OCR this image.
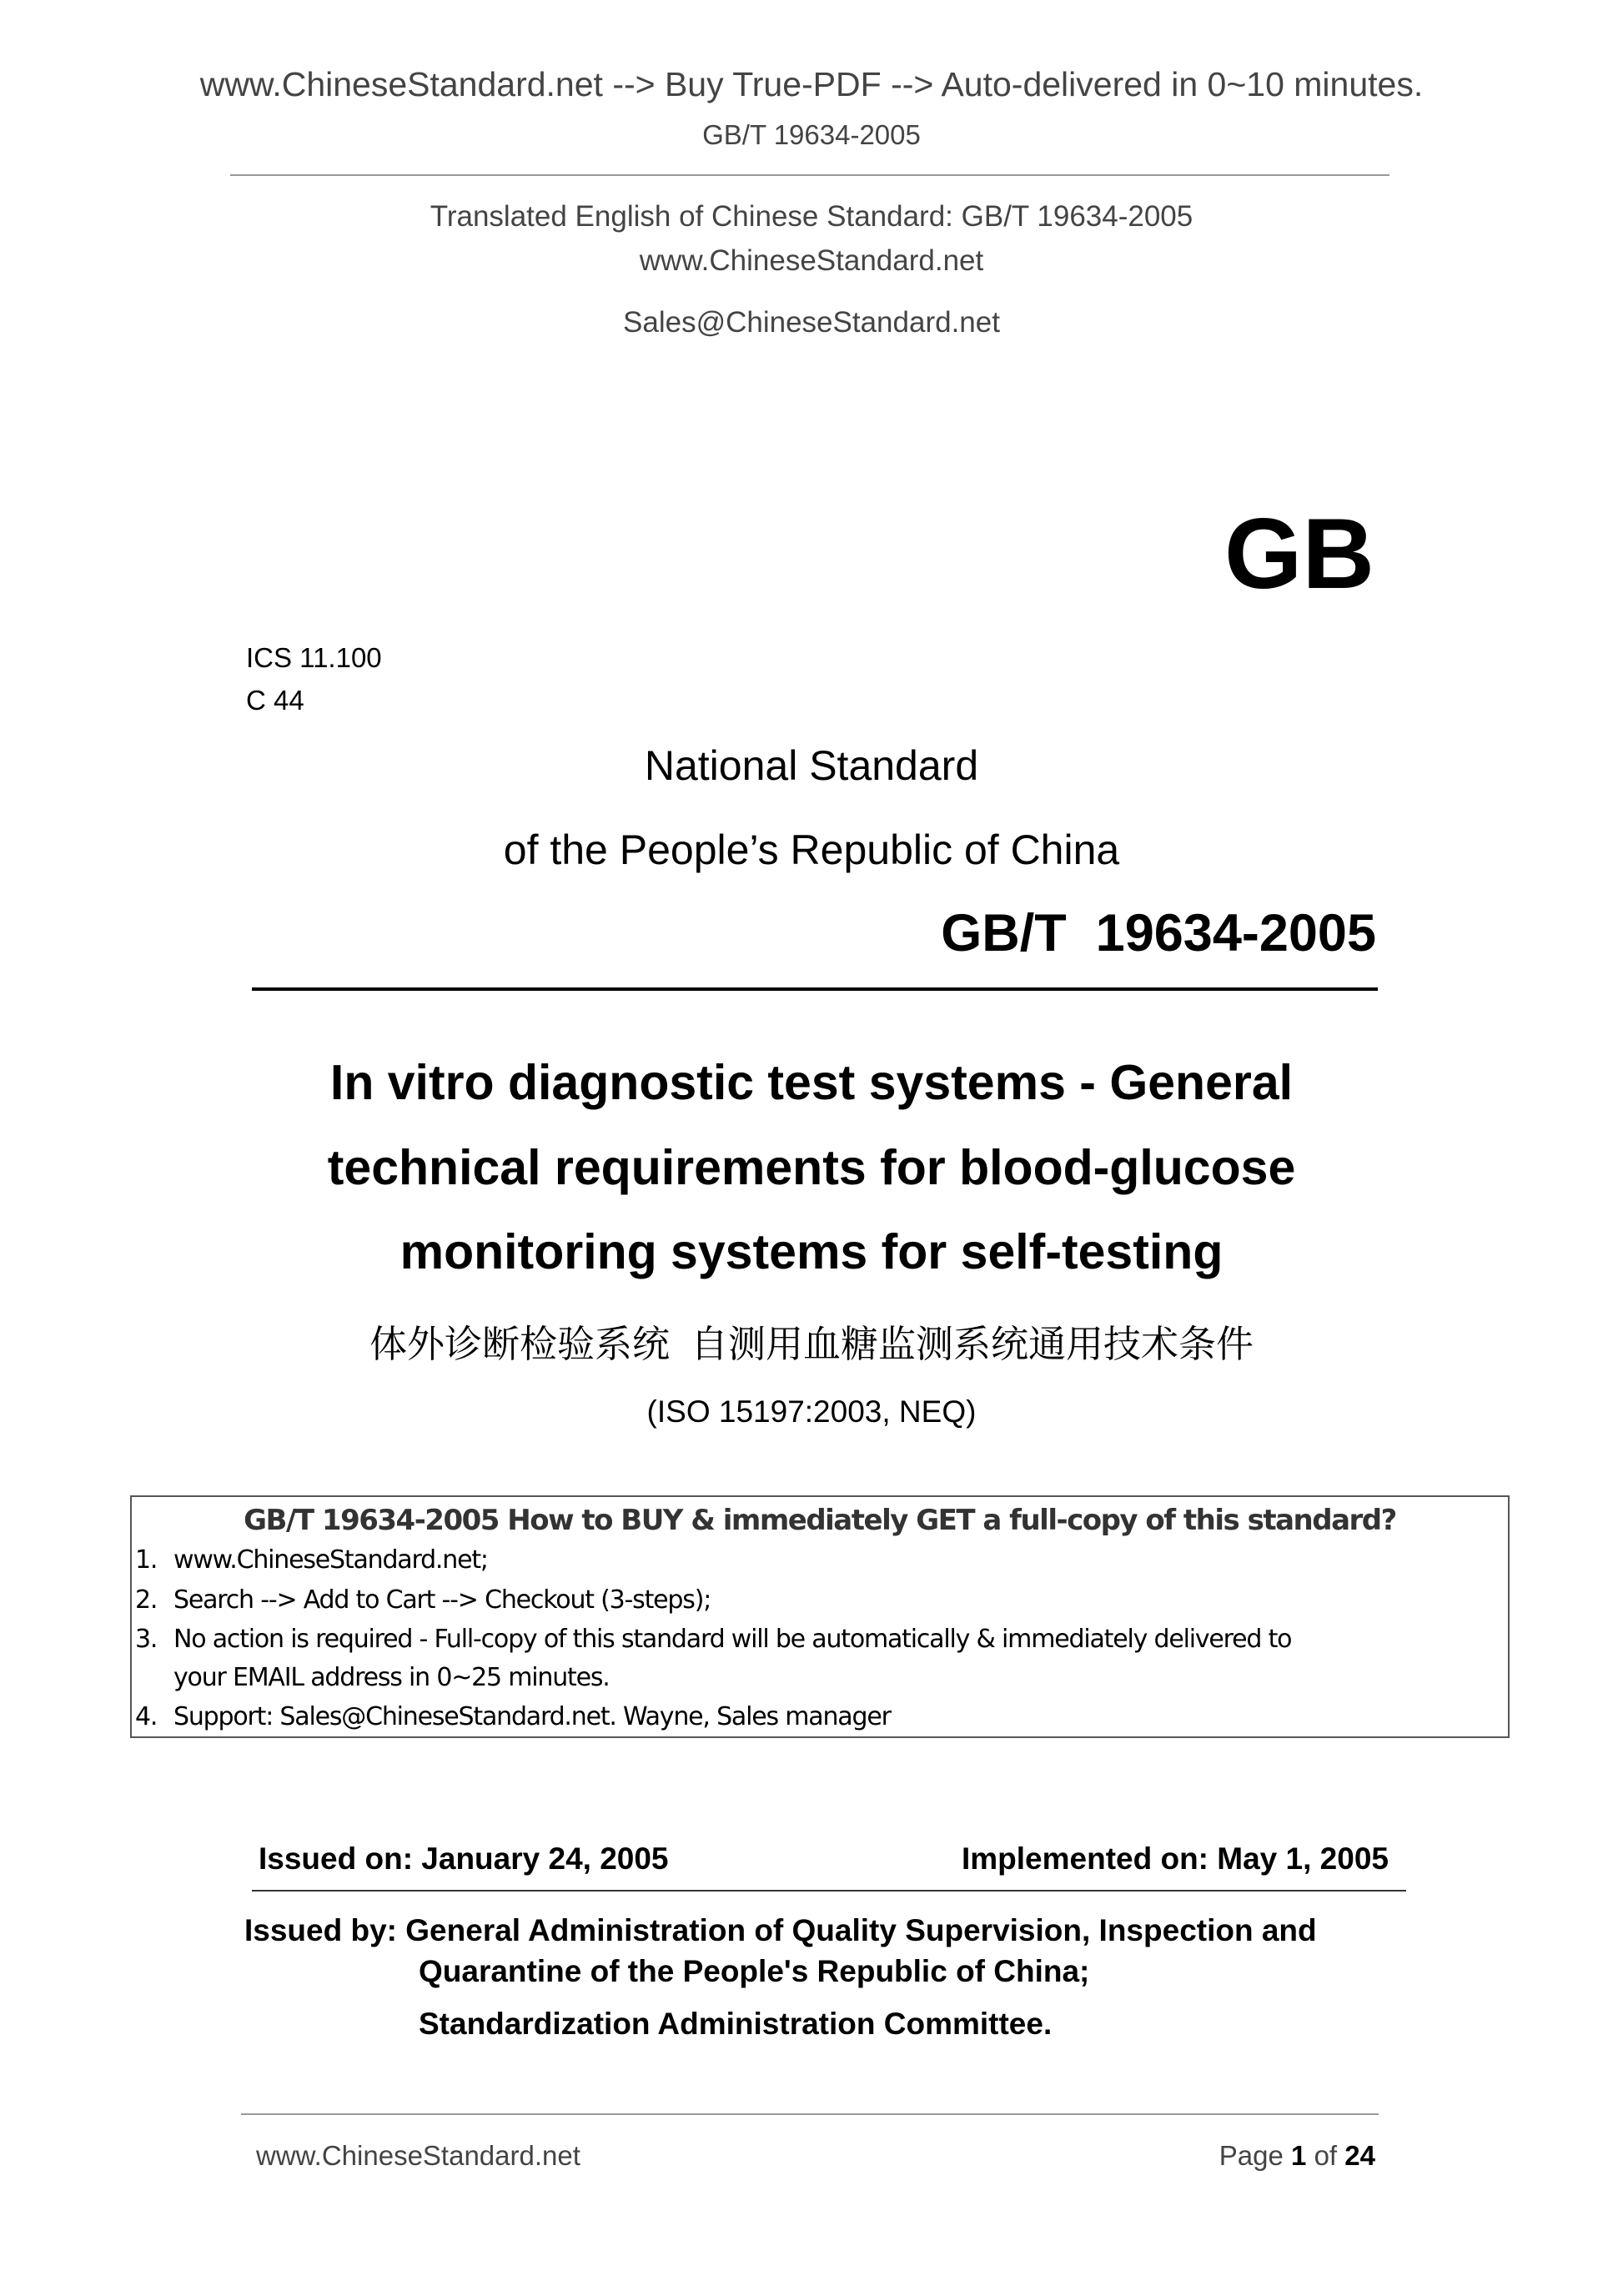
www.ChineseStandard.net --> Buy True-PDF --> Auto-delivered in 0~10 minutes.
GB/T 19634-2005
Translated English of Chinese Standard: GB/T 19634-2005
www.ChineseStandard.net
Sales@ChineseStandard.net
GB
ICS 11.100
C 44
National Standard
of the People’s Republic of China
GB/T  19634-2005
In vitro diagnostic test systems - General
technical requirements for blood-glucose
monitoring systems for self-testing
体外诊断检验系统  自测用血糖监测系统通用技术条件
(ISO 15197:2003, NEQ)
GB/T 19634-2005 How to BUY & immediately GET a full-copy of this standard?
1. www.ChineseStandard.net;
2. Search --> Add to Cart --> Checkout (3-steps);
3. No action is required - Full-copy of this standard will be automatically & immediately delivered to
your EMAIL address in 0~25 minutes.
4. Support: Sales@ChineseStandard.net. Wayne, Sales manager
Issued on: January 24, 2005	Implemented on: May 1, 2005
Issued by: General Administration of Quality Supervision, Inspection and
Quarantine of the People's Republic of China;
Standardization Administration Committee.
www.ChineseStandard.net	Page 1 of 24
